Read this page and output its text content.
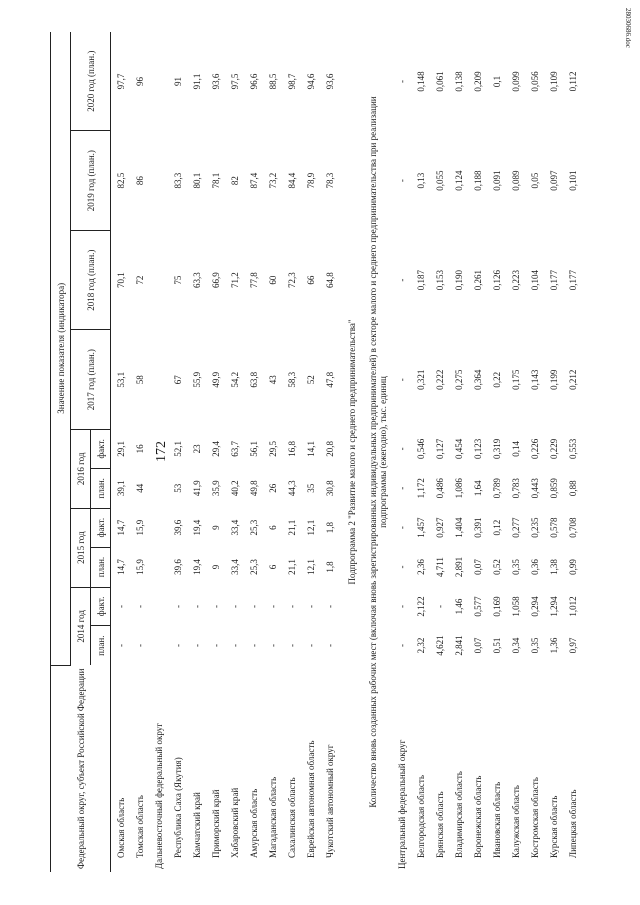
172
Федеральный округ, субъект Российской Федерации	Значение показателя (индикатора)									
	2014 год		2015 год		2016 год		2017 год (план.)	2018 год (план.)	2019 год (план.)	2020 год (план.)
	план.	факт.	план.	факт.	план.	факт.				
Омская область	-	-	14,7	14,7	39,1	29,1	53,1	70,1	82,5	97,7
Томская область	-	-	15,9	15,9	44	16	58	72	86	96
Дальневосточный федеральный округ										
Республика Саха (Якутия)	-	-	39,6	39,6	53	52,1	67	75	83,3	91
Камчатский край	-	-	19,4	19,4	41,9	23	55,9	63,3	80,1	91,1
Приморский край	-	-	9	9	35,9	29,4	49,9	66,9	78,1	93,6
Хабаровский край	-	-	33,4	33,4	40,2	63,7	54,2	71,2	82	97,5
Амурская область	-	-	25,3	25,3	49,8	56,1	63,8	77,8	87,4	96,6
Магаданская область	-	-	6	6	26	29,5	43	60	73,2	88,5
Сахалинская область	-	-	21,1	21,1	44,3	16,8	58,3	72,3	84,4	98,7
Еврейская автономная область	-	-	12,1	12,1	35	14,1	52	66	78,9	94,6
Чукотский автономный округ	-	-	1,8	1,8	30,8	20,8	47,8	64,8	78,3	93,6
Подпрограмма 2 "Развитие малого и среднего предпринимательства"										
Количество вновь созданных рабочих мест (включая вновь зарегистрированных индивидуальных предпринимателей) в секторе малого и среднего предпринимательства при реализации подпрограммы (ежегодно), тыс. единиц										
Центральный федеральный округ	-	-	-	-	-	-	-	-	-	-
Белгородская область	2,32	2,122	2,36	1,457	1,172	0,546	0,321	0,187	0,13	0,148
Брянская область	4,621	-	4,711	0,927	0,486	0,127	0,222	0,153	0,055	0,061
Владимирская область	2,841	1,46	2,891	1,404	1,086	0,454	0,275	0,190	0,124	0,138
Воронежская область	0,07	0,577	0,07	0,391	1,64	0,123	0,364	0,261	0,188	0,209
Ивановская область	0,51	0,169	0,52	0,12	0,789	0,319	0,22	0,126	0,091	0,1
Калужская область	0,34	1,058	0,35	0,277	0,783	0,14	0,175	0,223	0,089	0,099
Костромская область	0,35	0,294	0,36	0,235	0,443	0,226	0,143	0,104	0,05	0,056
Курская область	1,36	1,294	1,38	0,578	0,859	0,229	0,199	0,177	0,097	0,109
Липецкая область	0,97	1,012	0,99	0,708	0,88	0,553	0,212	0,177	0,101	0,112
28030686.doc
